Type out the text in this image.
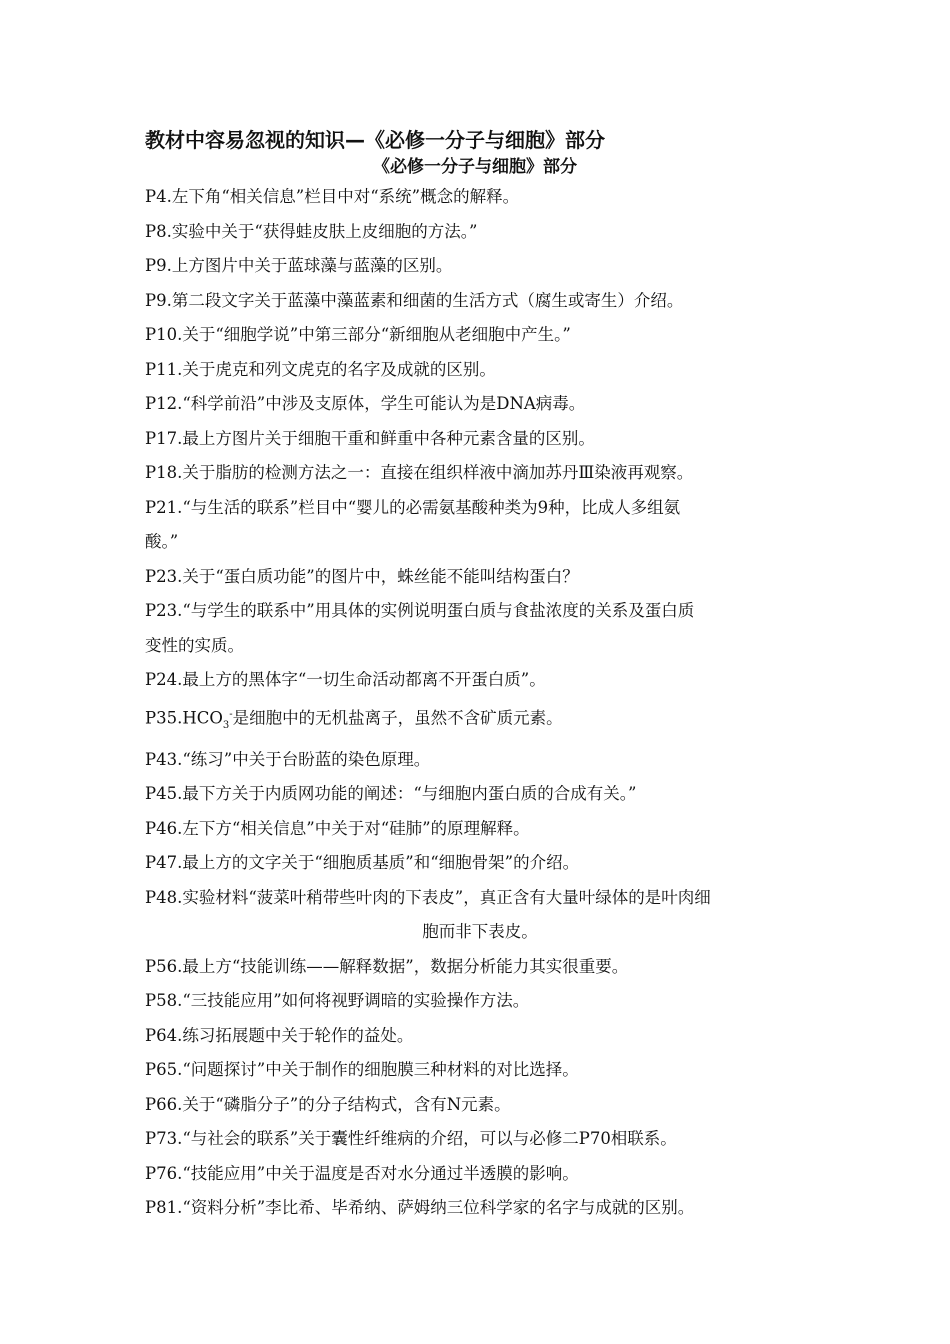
教材中容易忽视的知识—《必修一分子与细胞》部分
《必修一分子与细胞》部分
P4.左下角“相关信息”栏目中对“系统”概念的解释。
P8.实验中关于“获得蛙皮肤上皮细胞的方法。”
P9.上方图片中关于蓝球藻与蓝藻的区别。
P9.第二段文字关于蓝藻中藻蓝素和细菌的生活方式（腐生或寄生）介绍。
P10.关于“细胞学说”中第三部分“新细胞从老细胞中产生。”
P11.关于虎克和列文虎克的名字及成就的区别。
P12.“科学前沿”中涉及支原体，学生可能认为是DNA病毒。
P17.最上方图片关于细胞干重和鲜重中各种元素含量的区别。
P18.关于脂肪的检测方法之一：直接在组织样液中滴加苏丹Ⅲ染液再观察。
P21.“与生活的联系”栏目中“婴儿的必需氨基酸种类为9种，比成人多组氨
酸。”
P23.关于“蛋白质功能”的图片中，蛛丝能不能叫结构蛋白？
P23.“与学生的联系中”用具体的实例说明蛋白质与食盐浓度的关系及蛋白质
变性的实质。
P24.最上方的黑体字“一切生命活动都离不开蛋白质”。
$P35.HCO_3^-$是细胞中的无机盐离子，虽然不含矿质元素。
P43.“练习”中关于台盼蓝的染色原理。
P45.最下方关于内质网功能的阐述：“与细胞内蛋白质的合成有关。”
P46.左下方“相关信息”中关于对“硅肺”的原理解释。
P47.最上方的文字关于“细胞质基质”和“细胞骨架”的介绍。
P48.实验材料“菠菜叶稍带些叶肉的下表皮”，真正含有大量叶绿体的是叶肉细
胞而非下表皮。
P56.最上方“技能训练——解释数据”，数据分析能力其实很重要。
P58.“三技能应用”如何将视野调暗的实验操作方法。
P64.练习拓展题中关于轮作的益处。
P65.“问题探讨”中关于制作的细胞膜三种材料的对比选择。
P66.关于“磷脂分子”的分子结构式，含有N元素。
P73.“与社会的联系”关于囊性纤维病的介绍，可以与必修二P70相联系。
P76.“技能应用”中关于温度是否对水分通过半透膜的影响。
P81.“资料分析”李比希、毕希纳、萨姆纳三位科学家的名字与成就的区别。
